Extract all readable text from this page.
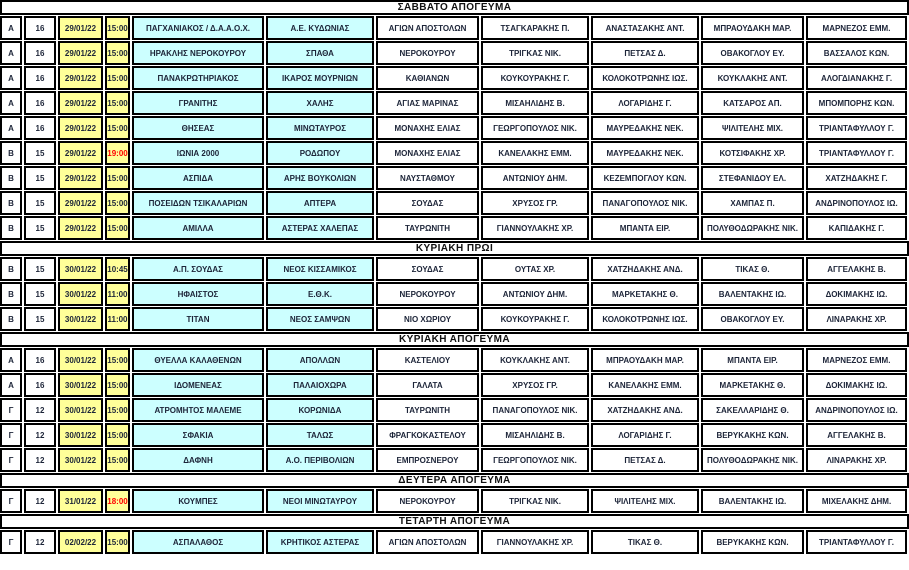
ΣΑΒΒΑΤΟ ΑΠΟΓΕΥΜΑ
Α	16	29/01/22	15:00	ΠΑΓΧΑΝΙΑΚΟΣ / Δ.Α.Α.Ο.Χ.	Α.Ε. ΚΥΔΩΝΙΑΣ	ΑΓΙΩΝ ΑΠΟΣΤΟΛΩΝ	ΤΣΑΓΚΑΡΑΚΗΣ Π.	ΑΝΑΣΤΑΣΑΚΗΣ ΑΝΤ.	ΜΠΡΑΟΥΔΑΚΗ ΜΑΡ.	ΜΑΡΝΕΖΟΣ ΕΜΜ.
Α	16	29/01/22	15:00	ΗΡΑΚΛΗΣ ΝΕΡΟΚΟΥΡΟΥ	ΣΠΑΘΑ	ΝΕΡΟΚΟΥΡΟΥ	ΤΡΙΓΚΑΣ ΝΙΚ.	ΠΕΤΣΑΣ Δ.	ΟΒΑΚΟΓΛΟΥ ΕΥ.	ΒΑΣΣΑΛΟΣ ΚΩΝ.
Α	16	29/01/22	15:00	ΠΑΝΑΚΡΩΤΗΡΙΑΚΟΣ	ΙΚΑΡΟΣ ΜΟΥΡΝΙΩΝ	ΚΑΘΙΑΝΩΝ	ΚΟΥΚΟΥΡΑΚΗΣ Γ.	ΚΟΛΟΚΟΤΡΩΝΗΣ ΙΩΣ.	ΚΟΥΚΛΑΚΗΣ ΑΝΤ.	ΑΛΟΓΔΙΑΝΑΚΗΣ Γ.
Α	16	29/01/22	15:00	ΓΡΑΝΙΤΗΣ	ΧΑΛΗΣ	ΑΓΙΑΣ ΜΑΡΙΝΑΣ	ΜΙΣΑΗΛΙΔΗΣ Β.	ΛΟΓΑΡΙΔΗΣ Γ.	ΚΑΤΣΑΡΟΣ ΑΠ.	ΜΠΟΜΠΟΡΗΣ ΚΩΝ.
Α	16	29/01/22	15:00	ΘΗΣΕΑΣ	ΜΙΝΩΤΑΥΡΟΣ	ΜΟΝΑΧΗΣ ΕΛΙΑΣ	ΓΕΩΡΓΟΠΟΥΛΟΣ ΝΙΚ.	ΜΑΥΡΕΔΑΚΗΣ ΝΕΚ.	ΨΙΛΙΤΕΛΗΣ ΜΙΧ.	ΤΡΙΑΝΤΑΦΥΛΛΟΥ Γ.
Β	15	29/01/22	19:00	ΙΩΝΙΑ 2000	ΡΟΔΩΠΟΥ	ΜΟΝΑΧΗΣ ΕΛΙΑΣ	ΚΑΝΕΛΑΚΗΣ ΕΜΜ.	ΜΑΥΡΕΔΑΚΗΣ ΝΕΚ.	ΚΟΤΣΙΦΑΚΗΣ ΧΡ.	ΤΡΙΑΝΤΑΦΥΛΛΟΥ Γ.
Β	15	29/01/22	15:00	ΑΣΠΙΔΑ	ΑΡΗΣ ΒΟΥΚΟΛΙΩΝ	ΝΑΥΣΤΑΘΜΟΥ	ΑΝΤΩΝΙΟΥ ΔΗΜ.	ΚΕΖΕΜΠΟΓΛΟΥ ΚΩΝ.	ΣΤΕΦΑΝΙΔΟΥ ΕΛ.	ΧΑΤΖΗΔΑΚΗΣ Γ.
Β	15	29/01/22	15:00	ΠΟΣΕΙΔΩΝ ΤΣΙΚΑΛΑΡΙΩΝ	ΑΠΤΕΡΑ	ΣΟΥΔΑΣ	ΧΡΥΣΟΣ ΓΡ.	ΠΑΝΑΓΟΠΟΥΛΟΣ ΝΙΚ.	ΧΑΜΠΑΣ Π.	ΑΝΔΡΙΝΟΠΟΥΛΟΣ ΙΩ.
Β	15	29/01/22	15:00	ΑΜΙΛΛΑ	ΑΣΤΕΡΑΣ ΧΑΛΕΠΑΣ	ΤΑΥΡΩΝΙΤΗ	ΓΙΑΝΝΟΥΛΑΚΗΣ ΧΡ.	ΜΠΑΝΤΑ ΕΙΡ.	ΠΟΛΥΘΟΔΩΡΑΚΗΣ ΝΙΚ.	ΚΑΠΙΔΑΚΗΣ Γ.
ΚΥΡΙΑΚΗ ΠΡΩΙ
Β	15	30/01/22	10:45	Α.Π. ΣΟΥΔΑΣ	ΝΕΟΣ ΚΙΣΣΑΜΙΚΟΣ	ΣΟΥΔΑΣ	ΟΥΤΑΣ ΧΡ.	ΧΑΤΖΗΔΑΚΗΣ ΑΝΔ.	ΤΙΚΑΣ Θ.	ΑΓΓΕΛΑΚΗΣ Β.
Β	15	30/01/22	11:00	ΗΦΑΙΣΤΟΣ	Ε.Θ.Κ.	ΝΕΡΟΚΟΥΡΟΥ	ΑΝΤΩΝΙΟΥ ΔΗΜ.	ΜΑΡΚΕΤΑΚΗΣ Θ.	ΒΑΛΕΝΤΑΚΗΣ ΙΩ.	ΔΟΚΙΜΑΚΗΣ ΙΩ.
Β	15	30/01/22	11:00	ΤΙΤΑΝ	ΝΕΟΣ ΣΑΜΨΩΝ	ΝΙΟ ΧΩΡΙΟΥ	ΚΟΥΚΟΥΡΑΚΗΣ Γ.	ΚΟΛΟΚΟΤΡΩΝΗΣ ΙΩΣ.	ΟΒΑΚΟΓΛΟΥ ΕΥ.	ΛΙΝΑΡΑΚΗΣ ΧΡ.
ΚΥΡΙΑΚΗ ΑΠΟΓΕΥΜΑ
Α	16	30/01/22	15:00	ΘΥΕΛΛΑ ΚΑΛΑΘΕΝΩΝ	ΑΠΟΛΛΩΝ	ΚΑΣΤΕΛΙΟΥ	ΚΟΥΚΛΑΚΗΣ ΑΝΤ.	ΜΠΡΑΟΥΔΑΚΗ ΜΑΡ.	ΜΠΑΝΤΑ ΕΙΡ.	ΜΑΡΝΕΖΟΣ ΕΜΜ.
Α	16	30/01/22	15:00	ΙΔΟΜΕΝΕΑΣ	ΠΑΛΑΙΟΧΩΡΑ	ΓΑΛΑΤΑ	ΧΡΥΣΟΣ ΓΡ.	ΚΑΝΕΛΑΚΗΣ ΕΜΜ.	ΜΑΡΚΕΤΑΚΗΣ Θ.	ΔΟΚΙΜΑΚΗΣ ΙΩ.
Γ	12	30/01/22	15:00	ΑΤΡΟΜΗΤΟΣ ΜΑΛΕΜΕ	ΚΟΡΩΝΙΔΑ	ΤΑΥΡΩΝΙΤΗ	ΠΑΝΑΓΟΠΟΥΛΟΣ ΝΙΚ.	ΧΑΤΖΗΔΑΚΗΣ ΑΝΔ.	ΣΑΚΕΛΛΑΡΙΔΗΣ Θ.	ΑΝΔΡΙΝΟΠΟΥΛΟΣ ΙΩ.
Γ	12	30/01/22	15:00	ΣΦΑΚΙΑ	ΤΑΛΩΣ	ΦΡΑΓΚΟΚΑΣΤΕΛΟΥ	ΜΙΣΑΗΛΙΔΗΣ Β.	ΛΟΓΑΡΙΔΗΣ Γ.	ΒΕΡΥΚΑΚΗΣ ΚΩΝ.	ΑΓΓΕΛΑΚΗΣ Β.
Γ	12	30/01/22	15:00	ΔΑΦΝΗ	Α.Ο. ΠΕΡΙΒΟΛΙΩΝ	ΕΜΠΡΟΣΝΕΡΟΥ	ΓΕΩΡΓΟΠΟΥΛΟΣ ΝΙΚ.	ΠΕΤΣΑΣ Δ.	ΠΟΛΥΘΟΔΩΡΑΚΗΣ ΝΙΚ.	ΛΙΝΑΡΑΚΗΣ ΧΡ.
ΔΕΥΤΕΡΑ ΑΠΟΓΕΥΜΑ
Γ	12	31/01/22	18:00	ΚΟΥΜΠΕΣ	ΝΕΟΙ ΜΙΝΩΤΑΥΡΟΥ	ΝΕΡΟΚΟΥΡΟΥ	ΤΡΙΓΚΑΣ ΝΙΚ.	ΨΙΛΙΤΕΛΗΣ ΜΙΧ.	ΒΑΛΕΝΤΑΚΗΣ ΙΩ.	ΜΙΧΕΛΑΚΗΣ ΔΗΜ.
ΤΕΤΑΡΤΗ ΑΠΟΓΕΥΜΑ
Γ	12	02/02/22	15:00	ΑΣΠΑΛΑΘΟΣ	ΚΡΗΤΙΚΟΣ ΑΣΤΕΡΑΣ	ΑΓΙΩΝ ΑΠΟΣΤΟΛΩΝ	ΓΙΑΝΝΟΥΛΑΚΗΣ ΧΡ.	ΤΙΚΑΣ Θ.	ΒΕΡΥΚΑΚΗΣ ΚΩΝ.	ΤΡΙΑΝΤΑΦΥΛΛΟΥ Γ.
